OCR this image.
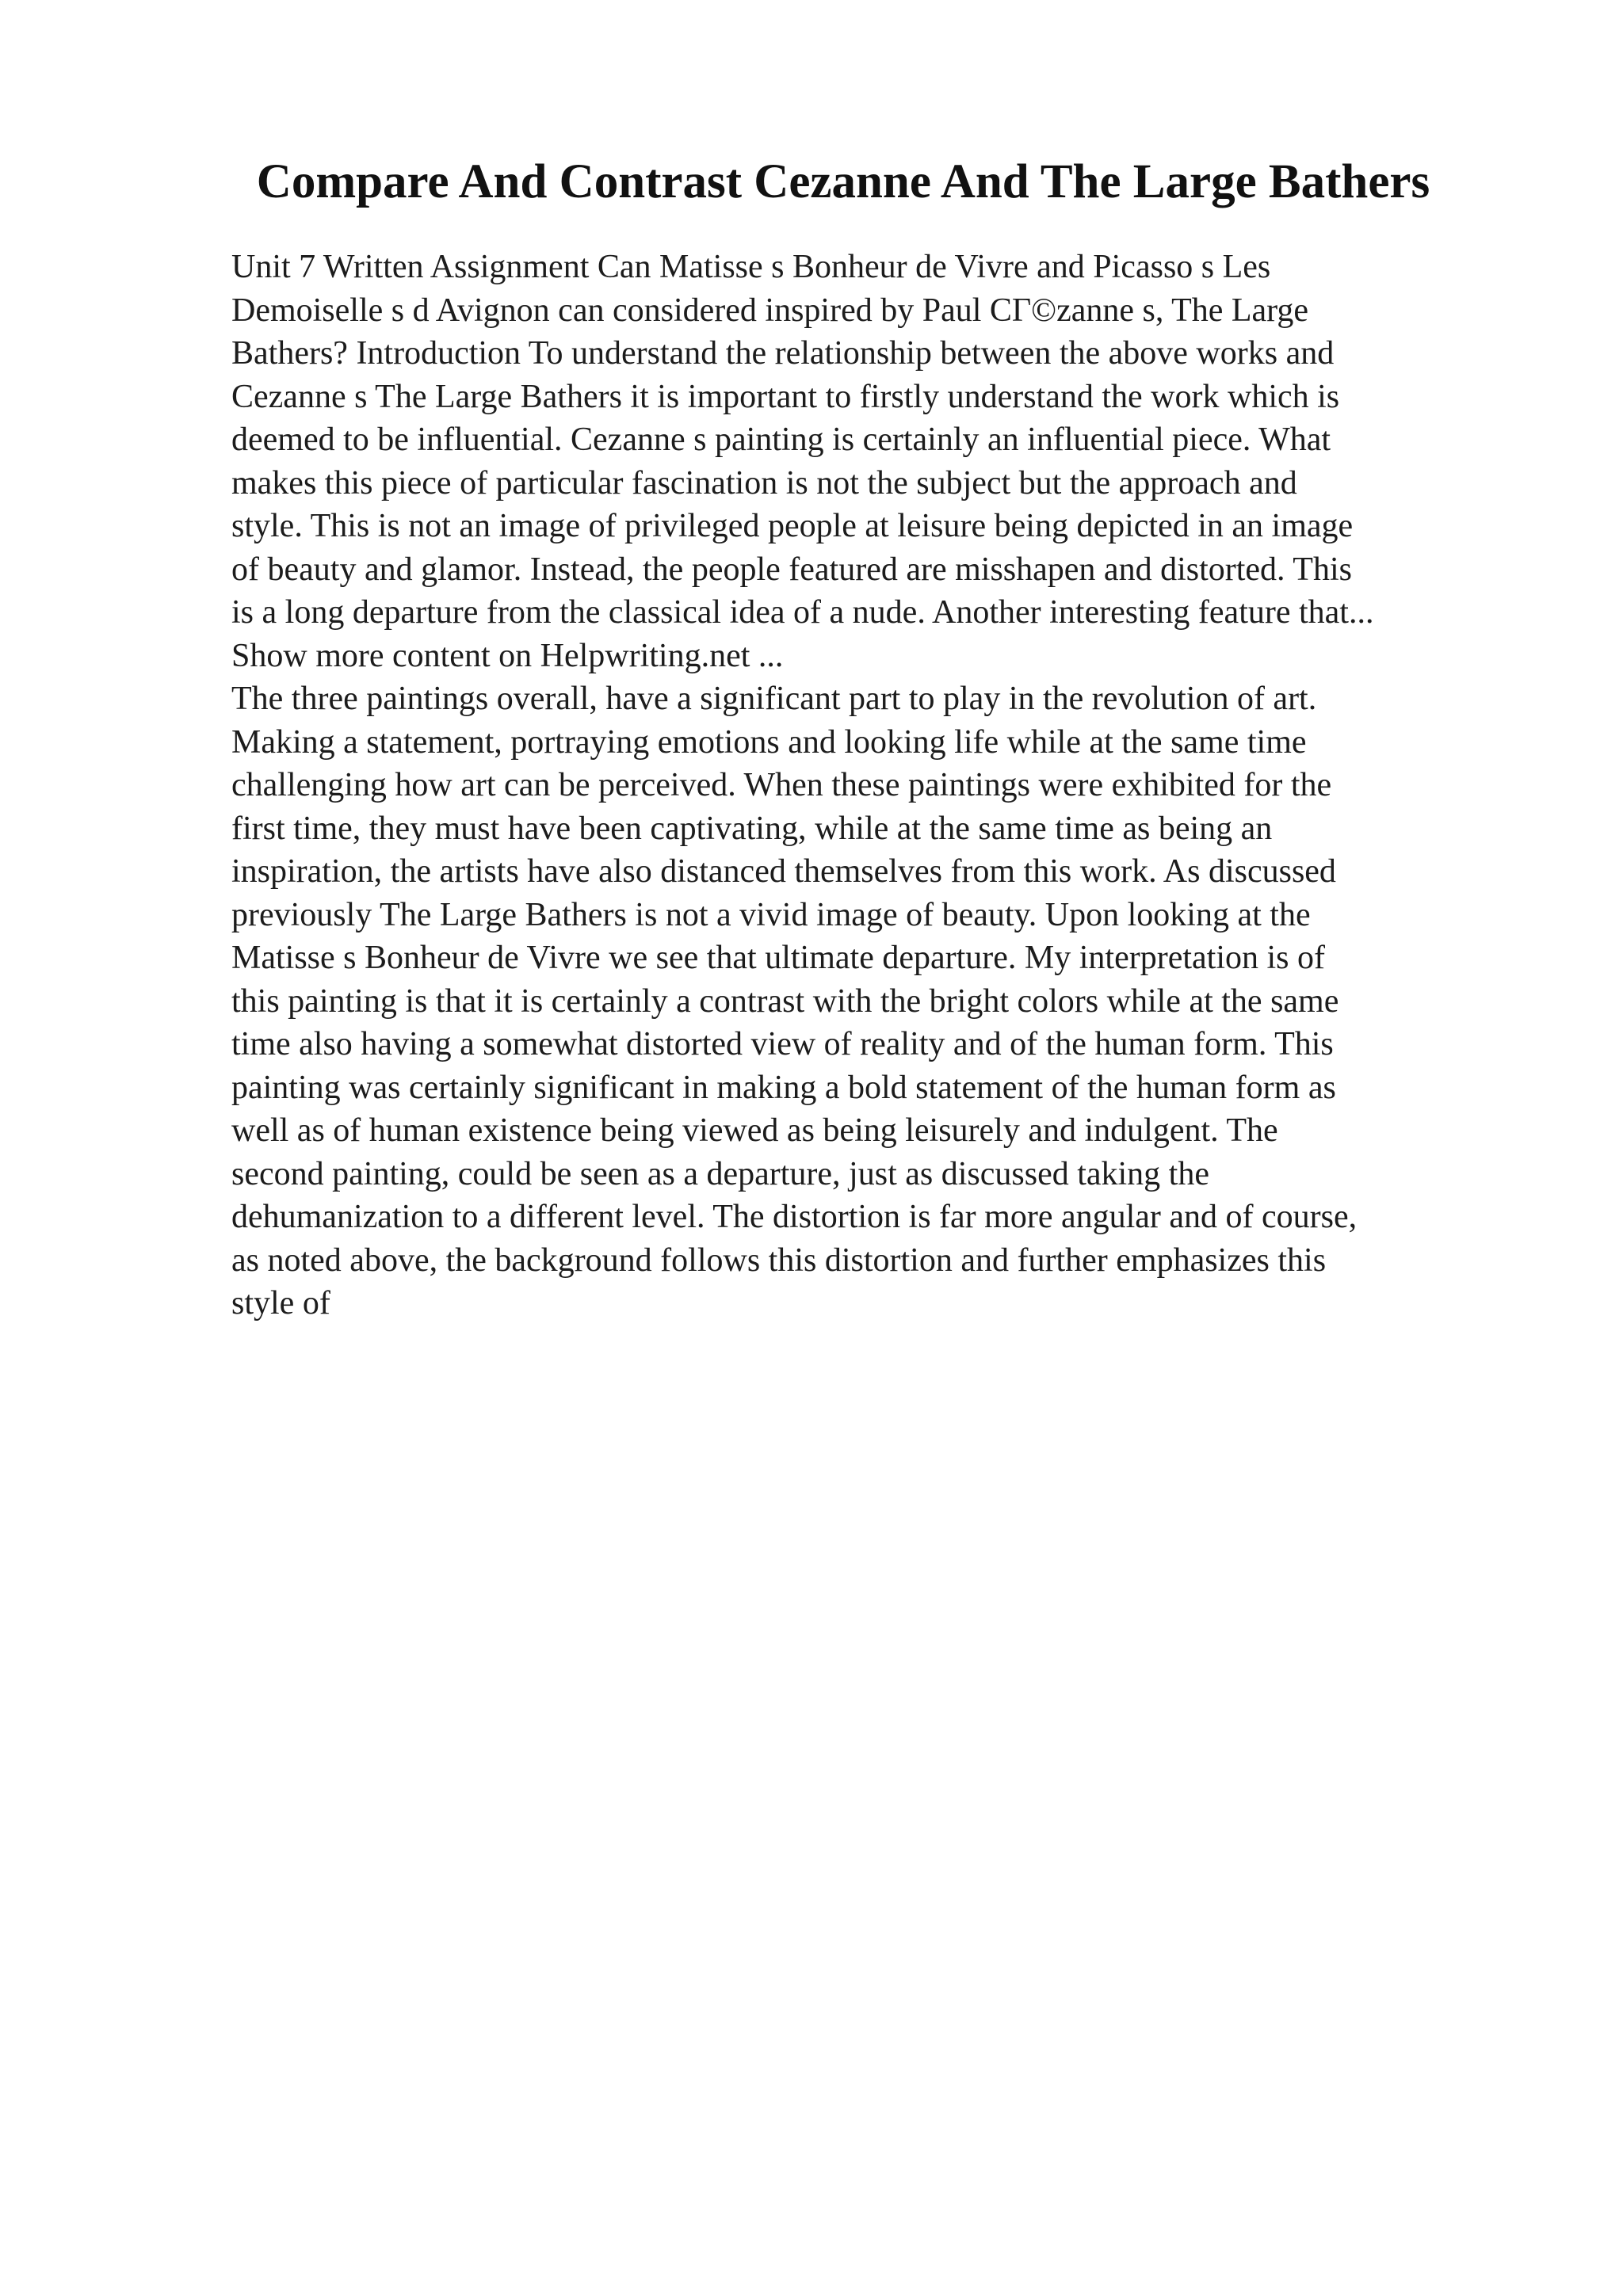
Compare And Contrast Cezanne And The Large Bathers
Unit 7 Written Assignment Can Matisse s Bonheur de Vivre and Picasso s Les
Demoiselle s d Avignon can considered inspired by Paul CГ©zanne s, The Large
Bathers? Introduction To understand the relationship between the above works and
Cezanne s The Large Bathers it is important to firstly understand the work which is
deemed to be influential. Cezanne s painting is certainly an influential piece. What
makes this piece of particular fascination is not the subject but the approach and
style. This is not an image of privileged people at leisure being depicted in an image
of beauty and glamor. Instead, the people featured are misshapen and distorted. This
is a long departure from the classical idea of a nude. Another interesting feature that...
Show more content on Helpwriting.net ...
The three paintings overall, have a significant part to play in the revolution of art.
Making a statement, portraying emotions and looking life while at the same time
challenging how art can be perceived. When these paintings were exhibited for the
first time, they must have been captivating, while at the same time as being an
inspiration, the artists have also distanced themselves from this work. As discussed
previously The Large Bathers is not a vivid image of beauty. Upon looking at the
Matisse s Bonheur de Vivre we see that ultimate departure. My interpretation is of
this painting is that it is certainly a contrast with the bright colors while at the same
time also having a somewhat distorted view of reality and of the human form. This
painting was certainly significant in making a bold statement of the human form as
well as of human existence being viewed as being leisurely and indulgent. The
second painting, could be seen as a departure, just as discussed taking the
dehumanization to a different level. The distortion is far more angular and of course,
as noted above, the background follows this distortion and further emphasizes this
style of
